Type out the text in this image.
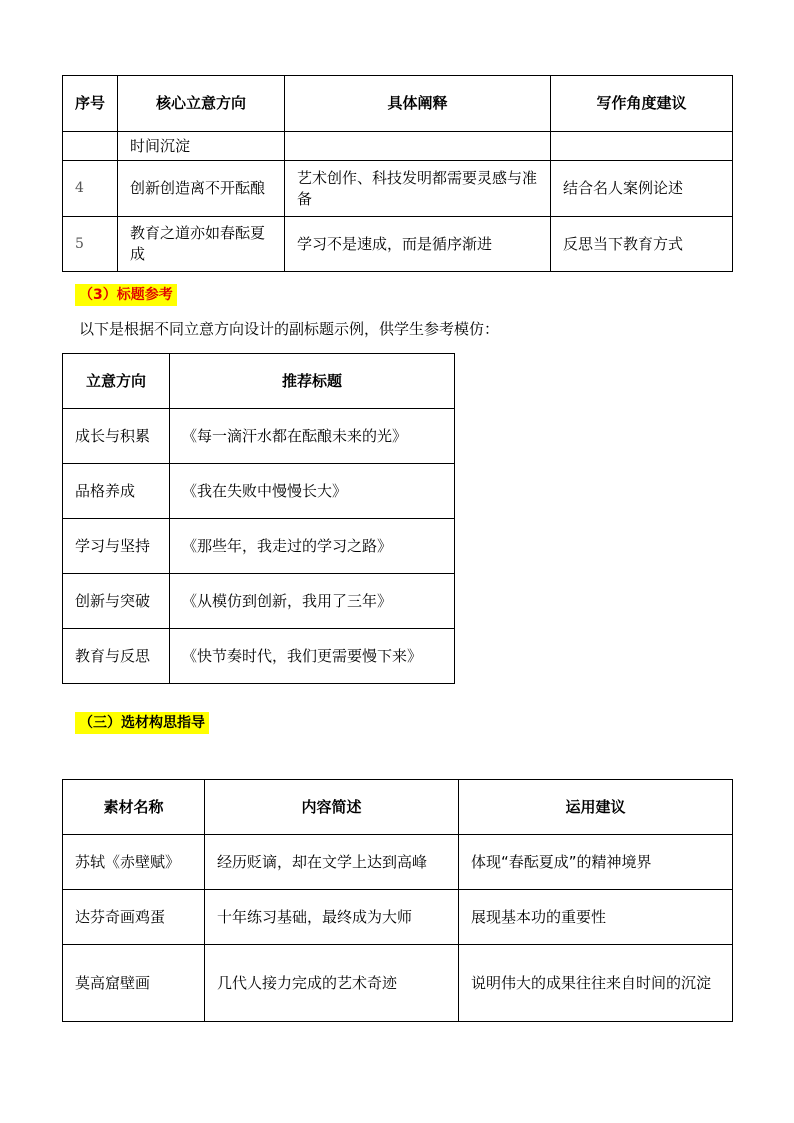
序号	核心立意方向	具体阐释	写作角度建议
	时间沉淀		
4	创新创造离不开酝酿	艺术创作、科技发明都需要灵感与准备	结合名人案例论述
5	教育之道亦如春酝夏成	学习不是速成，而是循序渐进	反思当下教育方式
（3）标题参考
以下是根据不同立意方向设计的副标题示例，供学生参考模仿：
立意方向	推荐标题
成长与积累	《每一滴汗水都在酝酿未来的光》
品格养成	《我在失败中慢慢长大》
学习与坚持	《那些年，我走过的学习之路》
创新与突破	《从模仿到创新，我用了三年》
教育与反思	《快节奏时代，我们更需要慢下来》
（三）选材构思指导
素材名称	内容简述	运用建议
苏轼《赤壁赋》	经历贬谪，却在文学上达到高峰	体现“春酝夏成”的精神境界
达芬奇画鸡蛋	十年练习基础，最终成为大师	展现基本功的重要性
莫高窟壁画	几代人接力完成的艺术奇迹	说明伟大的成果往往来自时间的沉淀
